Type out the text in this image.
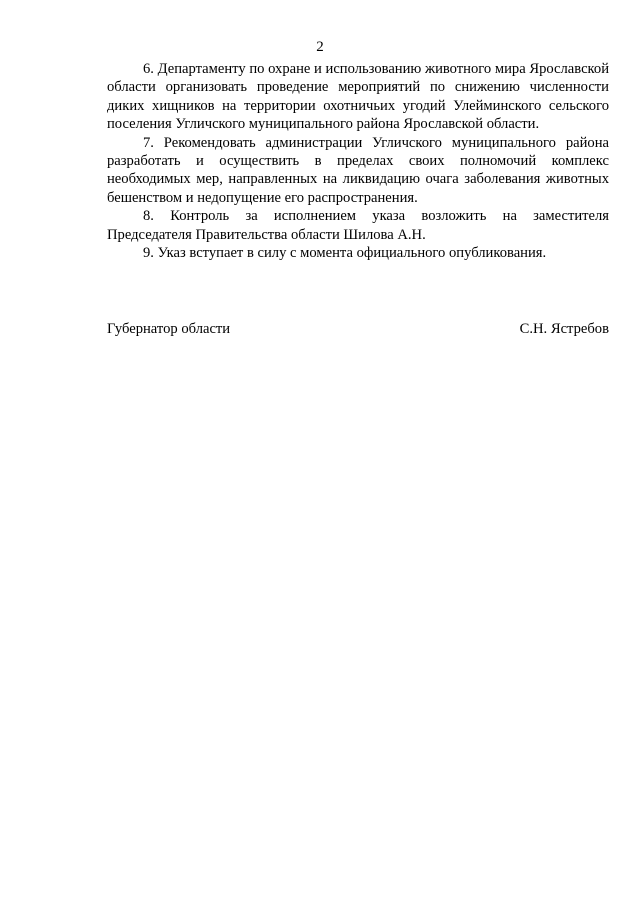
2

6. Департаменту по охране и использованию животного мира Ярославской области организовать проведение мероприятий по снижению численности диких хищников на территории охотничьих угодий Улейминского сельского поселения Угличского муниципального района Ярославской области.

7. Рекомендовать администрации Угличского муниципального района разработать и осуществить в пределах своих полномочий комплекс необходимых мер, направленных на ликвидацию очага заболевания животных бешенством и недопущение его распространения.

8. Контроль за исполнением указа возложить на заместителя Председателя Правительства области Шилова А.Н.

9. Указ вступает в силу с момента официального опубликования.

Губернатор области	С.Н. Ястребов
